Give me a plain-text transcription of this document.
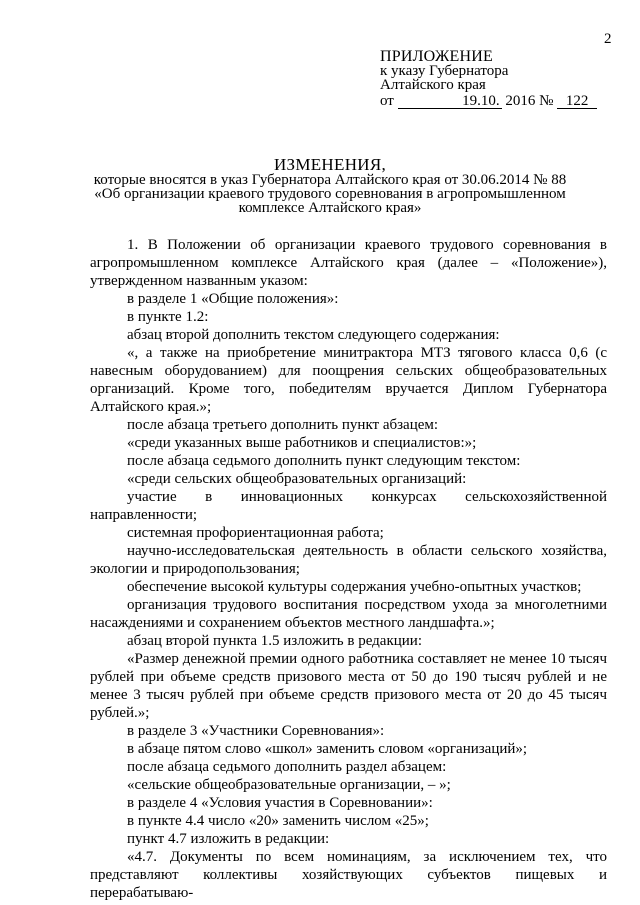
2
ПРИЛОЖЕНИЕ
к указу Губернатора
Алтайского края
от	19.10. 2016 № 122
ИЗМЕНЕНИЯ,
которые вносятся в указ Губернатора Алтайского края от 30.06.2014 № 88
«Об организации краевого трудового соревнования в агропромышленном
комплексе Алтайского края»

1. В Положении об организации краевого трудового соревнования в агропромышленном комплексе Алтайского края (далее – «Положение»), утвержденном названным указом:

в разделе 1 «Общие положения»:

в пункте 1.2:

абзац второй дополнить текстом следующего содержания:

«, а также на приобретение минитрактора МТЗ тягового класса 0,6 (с навесным оборудованием) для поощрения сельских общеобразовательных организаций. Кроме того, победителям вручается Диплом Губернатора Алтайского края.»;

после абзаца третьего дополнить пункт абзацем:

«среди указанных выше работников и специалистов:»;

после абзаца седьмого дополнить пункт следующим текстом:

«среди сельских общеобразовательных организаций:

участие в инновационных конкурсах сельскохозяйственной направленности;

системная профориентационная работа;

научно-исследовательская деятельность в области сельского хозяйства, экологии и природопользования;

обеспечение высокой культуры содержания учебно-опытных участков;

организация трудового воспитания посредством ухода за многолетними насаждениями и сохранением объектов местного ландшафта.»;

абзац второй пункта 1.5 изложить в редакции:

«Размер денежной премии одного работника составляет не менее 10 тысяч рублей при объеме средств призового места от 50 до 190 тысяч рублей и не менее 3 тысяч рублей при объеме средств призового места от 20 до 45 тысяч рублей.»;

в разделе 3 «Участники Соревнования»:

в абзаце пятом слово «школ» заменить словом «организаций»;

после абзаца седьмого дополнить раздел абзацем:

«сельские общеобразовательные организации, – »;

в разделе 4 «Условия участия в Соревновании»:

в пункте 4.4 число «20» заменить числом «25»;

пункт 4.7 изложить в редакции:

«4.7. Документы по всем номинациям, за исключением тех, что представляют коллективы хозяйствующих субъектов пищевых и перерабатываю-
